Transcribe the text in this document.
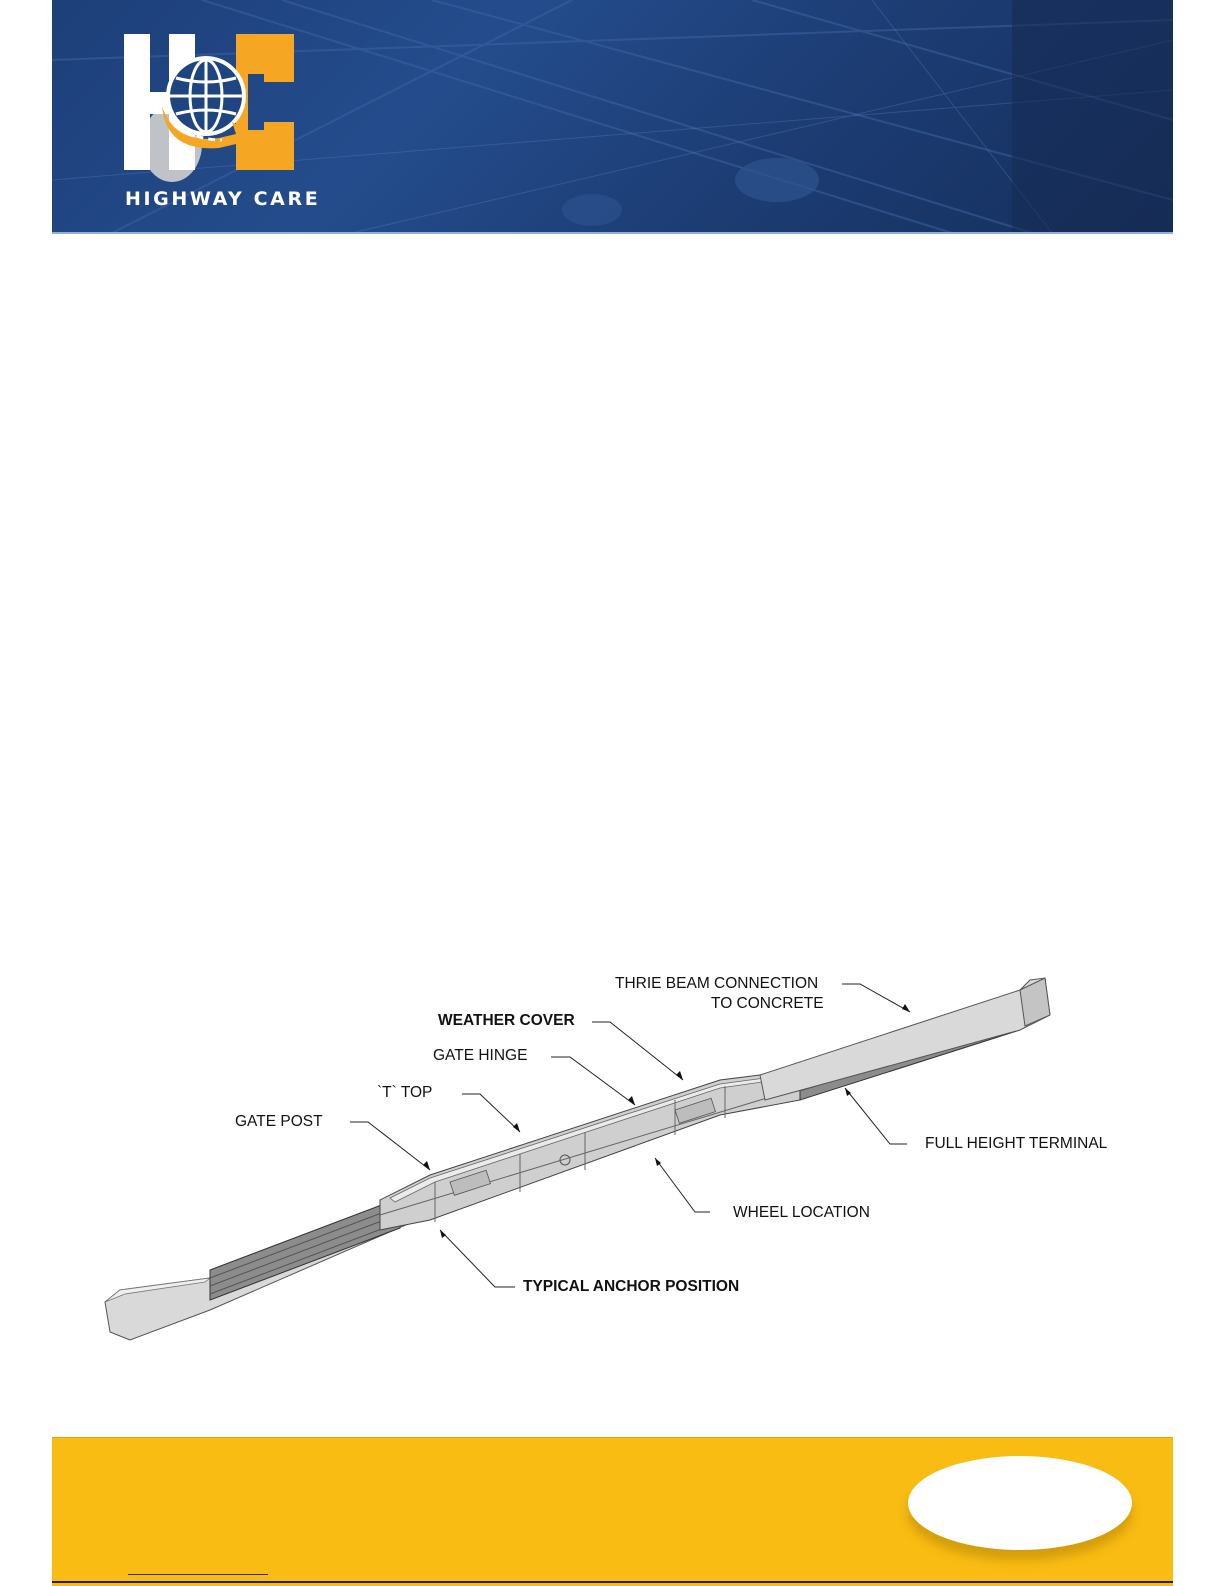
HIGHWAY CARE
THRIE BEAM CONNECTION
TO CONCRETE
WEATHER COVER
GATE HINGE
`T` TOP
GATE POST
FULL HEIGHT TERMINAL
WHEEL LOCATION
TYPICAL ANCHOR POSITION
